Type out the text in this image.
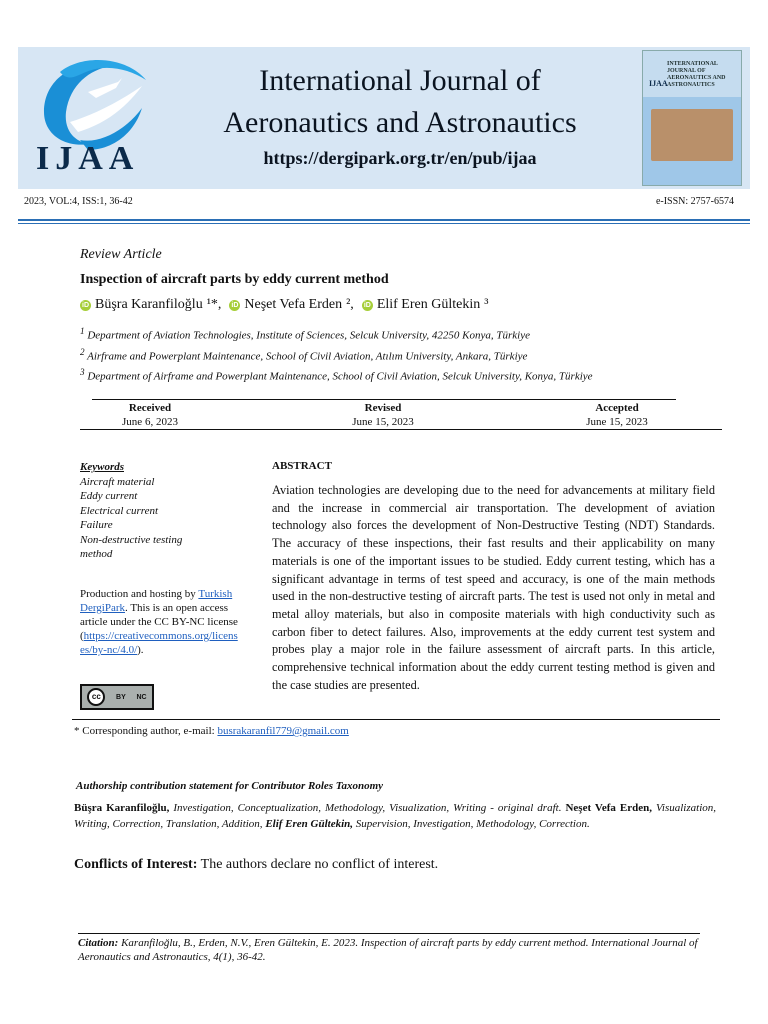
IJAA
International Journal of
Aeronautics and Astronautics
https://dergipark.org.tr/en/pub/ijaa
INTERNATIONAL JOURNAL OF AERONAUTICS AND ASTRONAUTICS
IJAA
2023, VOL:4, ISS:1, 36-42	e-ISSN: 2757-6574
Review Article
Inspection of aircraft parts by eddy current method
iD Büşra Karanfiloğlu ¹*, iD Neşet Vefa Erden ², iD Elif Eren Gültekin ³
$^1$ Department of Aviation Technologies, Institute of Sciences, Selcuk University, 42250 Konya, Türkiye
$^2$ Airframe and Powerplant Maintenance, School of Civil Aviation, Atılım University, Ankara, Türkiye
$^3$ Department of Airframe and Powerplant Maintenance, School of Civil Aviation, Selcuk University, Konya, Türkiye
Received
June 6, 2023
Revised
June 15, 2023
Accepted
June 15, 2023
Keywords
Aircraft material
Eddy current
Electrical current
Failure
Non-destructive testing
method
Production and hosting by Turkish DergiPark. This is an open access article under the CC BY-NC license (https://creativecommons.org/licenses/by-nc/4.0/).
cc	BY NC
ABSTRACT
Aviation technologies are developing due to the need for advancements at military field and the increase in commercial air transportation. The development of aviation technology also forces the development of Non-Destructive Testing (NDT) Standards. The accuracy of these inspections, their fast results and their applicability on many materials is one of the important issues to be studied. Eddy current testing, which has a significant advantage in terms of test speed and accuracy, is one of the main methods used in the non-destructive testing of aircraft parts. The test is used not only in metal and metal alloy materials, but also in composite materials with high conductivity such as carbon fiber to detect failures. Also, improvements at the eddy current test system and probes play a major role in the failure assessment of aircraft parts. In this article, comprehensive technical information about the eddy current testing method is given and the case studies are presented.
* Corresponding author, e-mail: busrakaranfil779@gmail.com
Authorship contribution statement for Contributor Roles Taxonomy
Büşra Karanfiloğlu, Investigation, Conceptualization, Methodology, Visualization, Writing - original draft. Neşet Vefa Erden, Visualization, Writing, Correction, Translation, Addition, Elif Eren Gültekin, Supervision, Investigation, Methodology, Correction.
Conflicts of Interest: The authors declare no conflict of interest.
Citation: Karanfiloğlu, B., Erden, N.V., Eren Gültekin, E. 2023. Inspection of aircraft parts by eddy current method. International Journal of Aeronautics and Astronautics, 4(1), 36-42.
